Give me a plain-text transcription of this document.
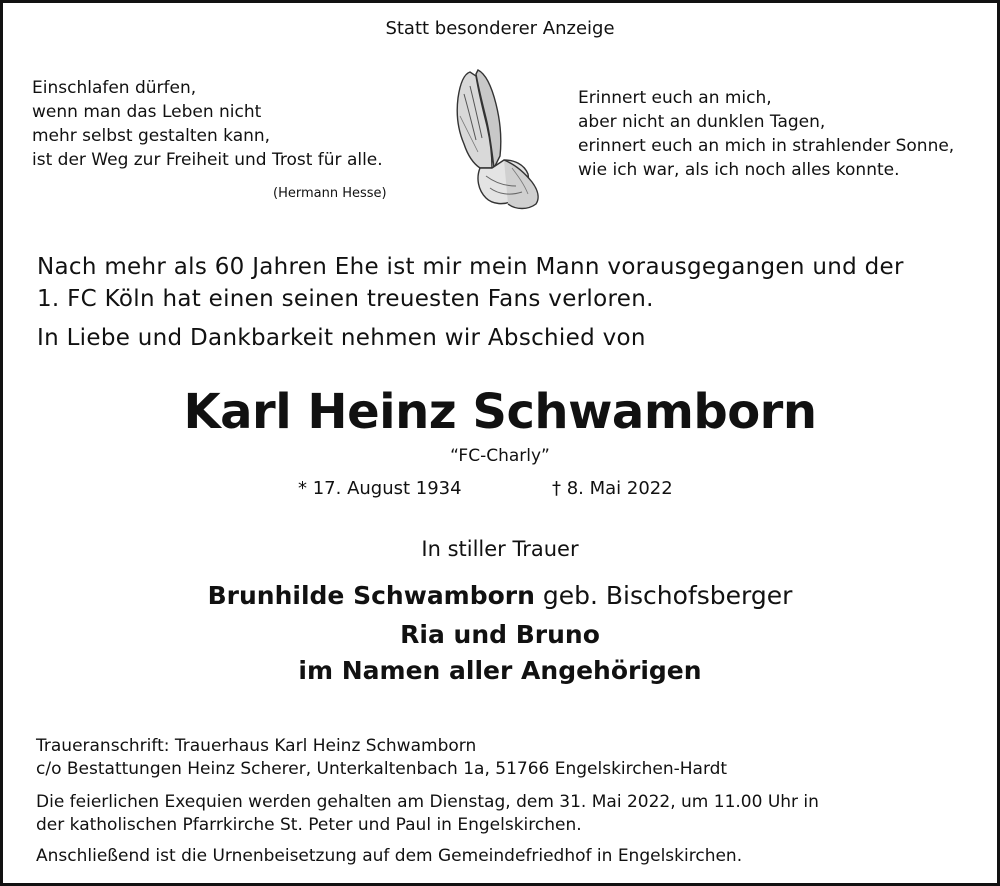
Statt besonderer Anzeige
Einschlafen dürfen,
wenn man das Leben nicht
mehr selbst gestalten kann,
ist der Weg zur Freiheit und Trost für alle.
(Hermann Hesse)
Erinnert euch an mich,
aber nicht an dunklen Tagen,
erinnert euch an mich in strahlender Sonne,
wie ich war, als ich noch alles konnte.
Nach mehr als 60 Jahren Ehe ist mir mein Mann vorausgegangen und der
1. FC Köln hat einen seinen treuesten Fans verloren.
In Liebe und Dankbarkeit nehmen wir Abschied von
Karl Heinz Schwamborn
“FC-Charly”
* 17. August 1934	† 8. Mai 2022
In stiller Trauer
Brunhilde Schwamborn geb. Bischofsberger
Ria und Bruno
im Namen aller Angehörigen
Traueranschrift: Trauerhaus Karl Heinz Schwamborn
c/o Bestattungen Heinz Scherer, Unterkaltenbach 1a, 51766 Engelskirchen-Hardt
Die feierlichen Exequien werden gehalten am Dienstag, dem 31. Mai 2022, um 11.00 Uhr in
der katholischen Pfarrkirche St. Peter und Paul in Engelskirchen.
Anschließend ist die Urnenbeisetzung auf dem Gemeindefriedhof in Engelskirchen.
